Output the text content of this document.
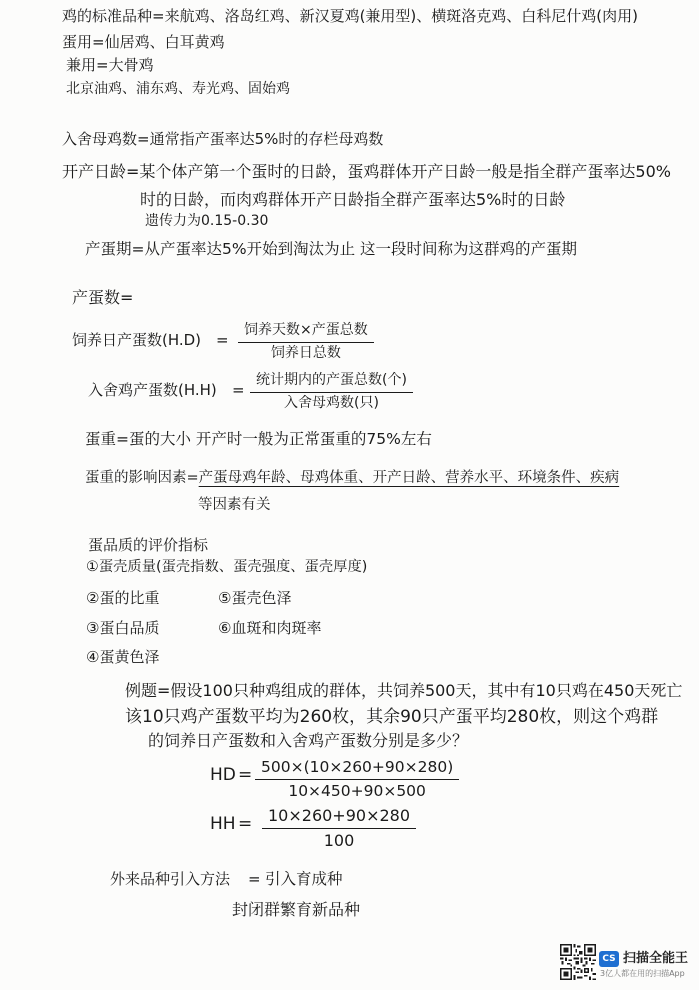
鸡的标准品种=来航鸡、洛岛红鸡、新汉夏鸡(兼用型)、横斑洛克鸡、白科尼什鸡(肉用)
蛋用=仙居鸡、白耳黄鸡
兼用=大骨鸡
北京油鸡、浦东鸡、寿光鸡、固始鸡
入舍母鸡数=通常指产蛋率达5%时的存栏母鸡数
开产日龄=某个体产第一个蛋时的日龄，蛋鸡群体开产日龄一般是指全群产蛋率达50%
时的日龄，而肉鸡群体开产日龄指全群产蛋率达5%时的日龄
遗传力为0.15-0.30
产蛋期=从产蛋率达5%开始到淘汰为止 这一段时间称为这群鸡的产蛋期
产蛋数=
饲养日产蛋数(H.D) =
饲养天数×产蛋总数
饲养日总数
入舍鸡产蛋数(H.H) =
统计期内的产蛋总数(个)
入舍母鸡数(只)
蛋重=蛋的大小 开产时一般为正常蛋重的75%左右
蛋重的影响因素=产蛋母鸡年龄、母鸡体重、开产日龄、营养水平、环境条件、疾病
等因素有关
蛋品质的评价指标
①蛋壳质量(蛋壳指数、蛋壳强度、蛋壳厚度)
②蛋的比重
③蛋白品质
④蛋黄色泽
⑤蛋壳色泽
⑥血斑和肉斑率
例题=假设100只种鸡组成的群体，共饲养500天，其中有10只鸡在450天死亡
该10只鸡产蛋数平均为260枚，其余90只产蛋平均280枚，则这个鸡群
的饲养日产蛋数和入舍鸡产蛋数分别是多少？
HD = $\frac{500\times(10\times 260+90\times 280)}{10\times 450+90\times 500}$
HH = $\frac{10\times 260+90\times 280}{100}$
外来品种引入方法 = 引入育成种
封闭群繁育新品种
CS 扫描全能王
3亿人都在用的扫描App
